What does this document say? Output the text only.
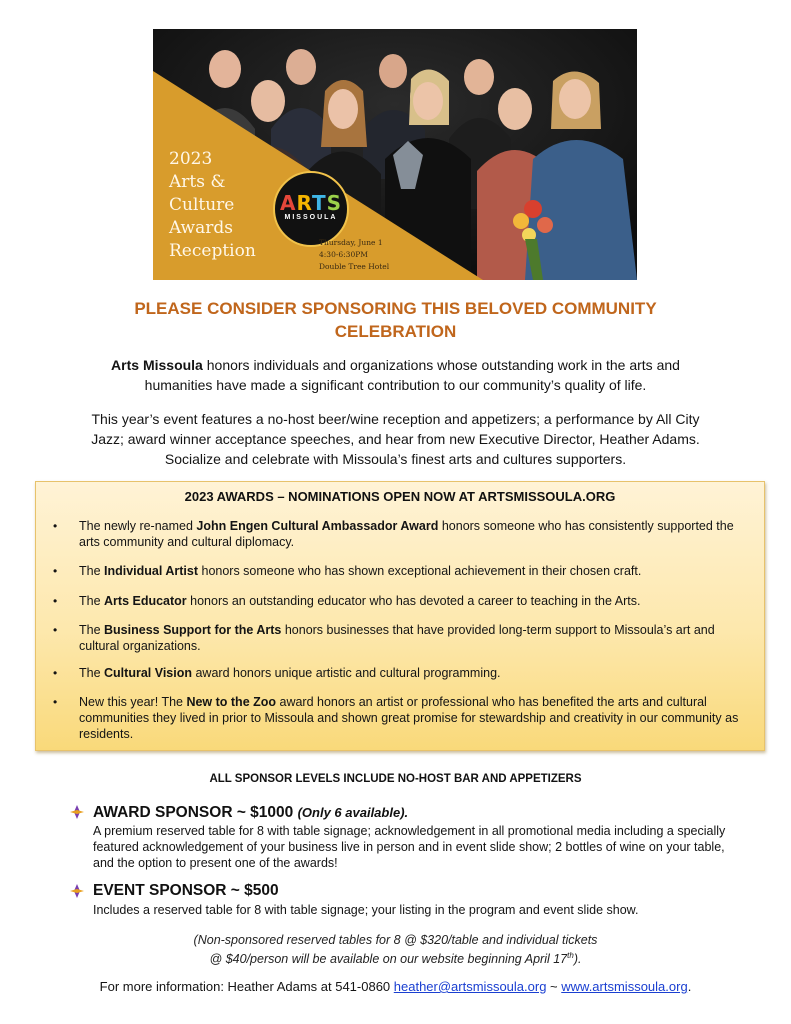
2023
Arts &
Culture
Awards
Reception
ARTS
MISSOULA
Thursday, June 1
4:30-6:30PM
Double Tree Hotel
PLEASE CONSIDER SPONSORING THIS BELOVED COMMUNITY
CELEBRATION
Arts Missoula honors individuals and organizations whose outstanding work in the arts and
humanities have made a significant contribution to our community’s quality of life.
This year’s event features a no-host beer/wine reception and appetizers; a performance by All City
Jazz; award winner acceptance speeches, and hear from new Executive Director, Heather Adams.
Socialize and celebrate with Missoula’s finest arts and cultures supporters.
2023 AWARDS – NOMINATIONS OPEN NOW AT ARTSMISSOULA.ORG
• The newly re-named John Engen Cultural Ambassador Award honors someone who has consistently supported the arts community and cultural diplomacy.
• The Individual Artist honors someone who has shown exceptional achievement in their chosen craft.
• The Arts Educator honors an outstanding educator who has devoted a career to teaching in the Arts.
• The Business Support for the Arts honors businesses that have provided long-term support to Missoula’s art and cultural organizations.
• The Cultural Vision award honors unique artistic and cultural programming.
• New this year! The New to the Zoo award honors an artist or professional who has benefited the arts and cultural communities they lived in prior to Missoula and shown great promise for stewardship and creativity in our community as residents.
ALL SPONSOR LEVELS INCLUDE NO-HOST BAR AND APPETIZERS
AWARD SPONSOR ~ $1000 (Only 6 available).
A premium reserved table for 8 with table signage; acknowledgement in all promotional media including a specially featured acknowledgement of your business live in person and in event slide show; 2 bottles of wine on your table, and the option to present one of the awards!
EVENT SPONSOR ~ $500
Includes a reserved table for 8 with table signage; your listing in the program and event slide show.
(Non-sponsored reserved tables for 8 @ $320/table and individual tickets
@ $40/person will be available on our website beginning April 17th).
For more information: Heather Adams at 541-0860 heather@artsmissoula.org ~ www.artsmissoula.org.
